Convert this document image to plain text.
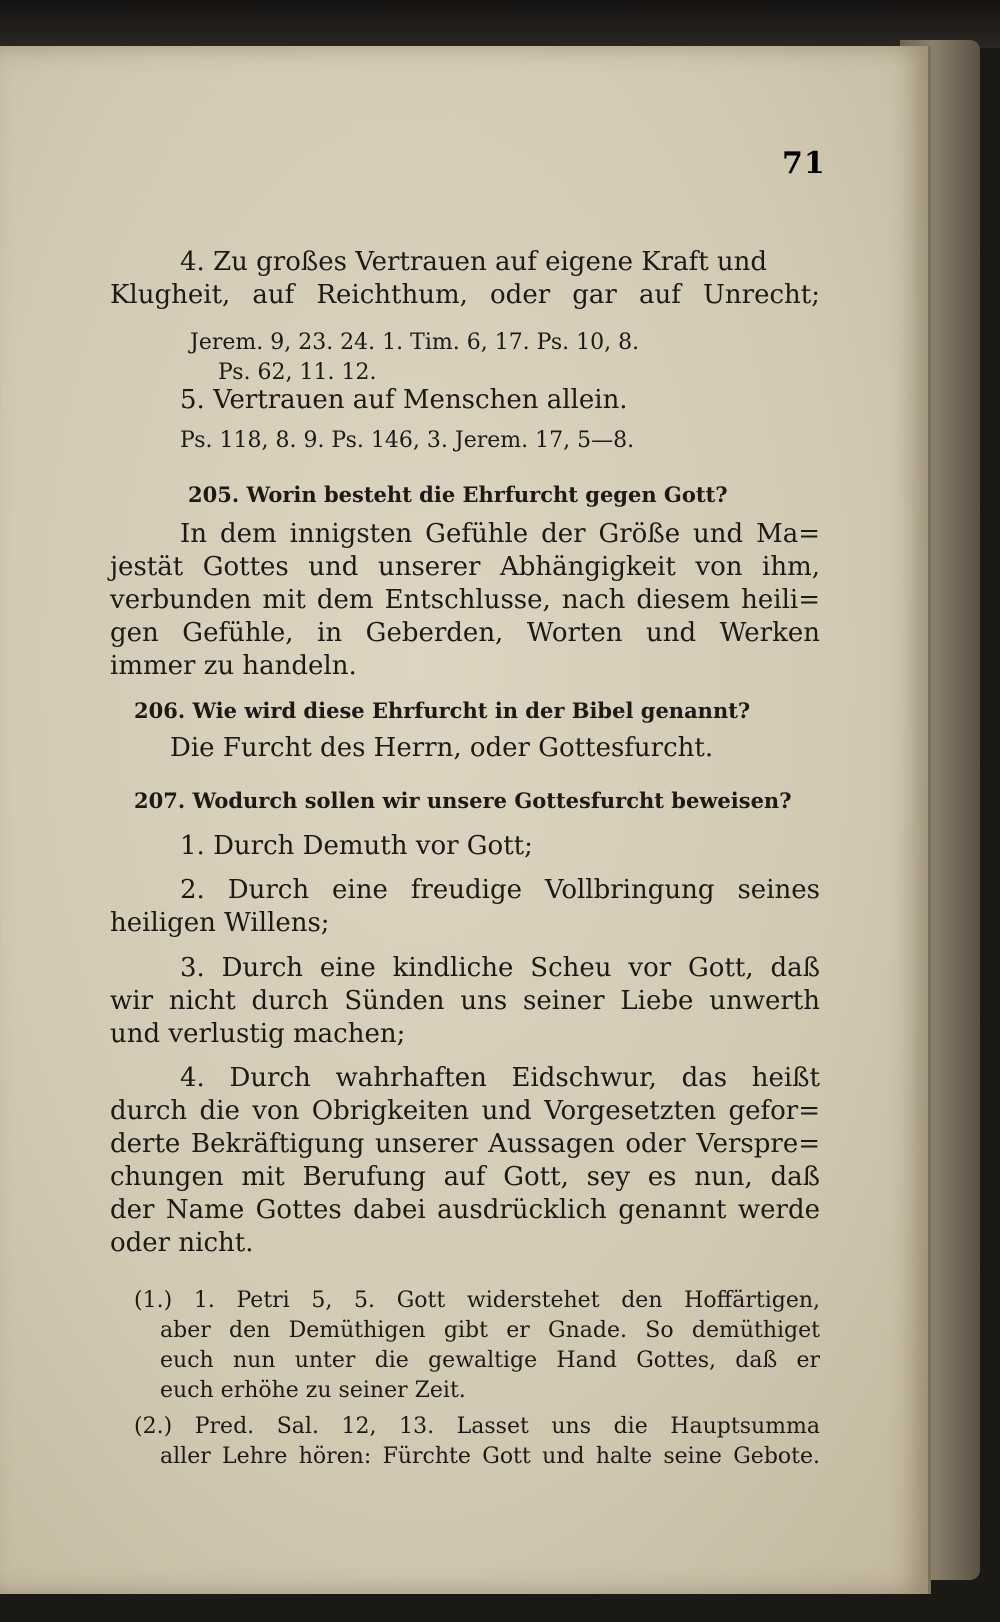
71
4. Zu großes Vertrauen auf eigene Kraft und
Klugheit, auf Reichthum, oder gar auf Unrecht;
Jerem. 9, 23. 24. 1. Tim. 6, 17. Ps. 10, 8.
Ps. 62, 11. 12.
5. Vertrauen auf Menschen allein.
Ps. 118, 8. 9. Ps. 146, 3. Jerem. 17, 5—8.
205. Worin besteht die Ehrfurcht gegen Gott?
In dem innigsten Gefühle der Größe und Ma=
jestät Gottes und unserer Abhängigkeit von ihm,
verbunden mit dem Entschlusse, nach diesem heili=
gen Gefühle, in Geberden, Worten und Werken
immer zu handeln.
206. Wie wird diese Ehrfurcht in der Bibel genannt?
Die Furcht des Herrn, oder Gottesfurcht.
207. Wodurch sollen wir unsere Gottesfurcht beweisen?
1. Durch Demuth vor Gott;
2. Durch eine freudige Vollbringung seines
heiligen Willens;
3. Durch eine kindliche Scheu vor Gott, daß
wir nicht durch Sünden uns seiner Liebe unwerth
und verlustig machen;
4. Durch wahrhaften Eidschwur, das heißt
durch die von Obrigkeiten und Vorgesetzten gefor=
derte Bekräftigung unserer Aussagen oder Verspre=
chungen mit Berufung auf Gott, sey es nun, daß
der Name Gottes dabei ausdrücklich genannt werde
oder nicht.
(1.) 1. Petri 5, 5. Gott widerstehet den Hoffärtigen,
aber den Demüthigen gibt er Gnade. So demüthiget
euch nun unter die gewaltige Hand Gottes, daß er
euch erhöhe zu seiner Zeit.
(2.) Pred. Sal. 12, 13. Lasset uns die Hauptsumma
aller Lehre hören: Fürchte Gott und halte seine Gebote.
